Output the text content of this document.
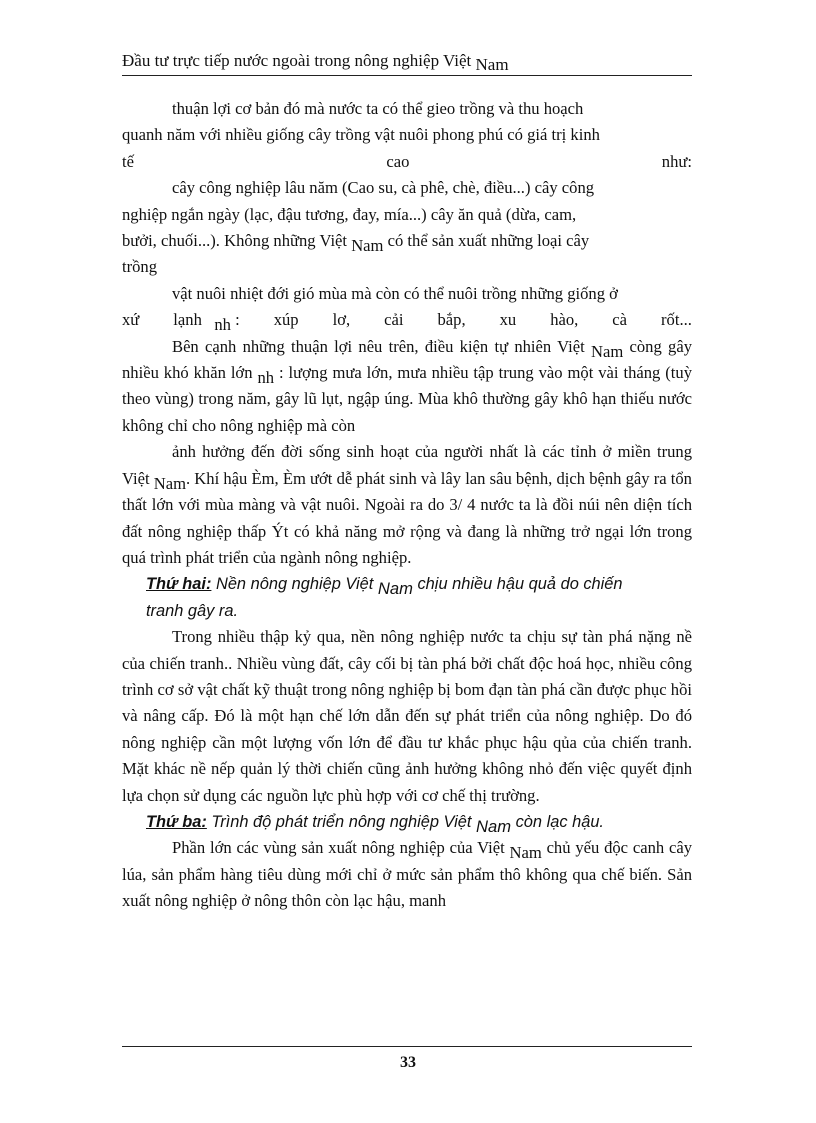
Đầu tư trực tiếp nước ngoài trong nông nghiệp Việt Nam

thuận lợi cơ bản đó mà nước ta có thể gieo trồng và thu hoạch

quanh năm với nhiều giống cây trồng vật nuôi phong phú có giá trị kinh

tế	cao	như:

cây công nghiệp lâu năm (Cao su, cà phê, chè, điều...) cây công

nghiệp ngắn ngày (lạc, đậu tương, đay, mía...) cây ăn quả (dừa, cam,

bưởi, chuối...). Không những Việt Nam có thể sản xuất những loại cây

trồng

vật nuôi nhiệt đới gió mùa mà còn có thể nuôi trồng những giống ở

xứ lạnh nh : xúp lơ, cải bắp, xu hào, cà rốt...

Bên cạnh những thuận lợi nêu trên, điều kiện tự nhiên Việt Nam còng gây nhiều khó khăn lớn nh : lượng mưa lớn, mưa nhiều tập trung vào một vài tháng (tuỳ theo vùng) trong năm, gây lũ lụt, ngập úng. Mùa khô thường gây khô hạn thiếu nước không chỉ cho nông nghiệp mà còn

ảnh hưởng đến đời sống sinh hoạt của người nhất là các tỉnh ở miền trung Việt Nam. Khí hậu Èm, Èm ướt dễ phát sinh và lây lan sâu bệnh, dịch bệnh gây ra tổn thất lớn với mùa màng và vật nuôi. Ngoài ra do 3/ 4 nước ta là đồi núi nên diện tích đất nông nghiệp thấp Ýt có khả năng mở rộng và đang là những trở ngại lớn trong quá trình phát triển của ngành nông nghiệp.

Thứ hai: Nền nông nghiệp Việt Nam chịu nhiều hậu quả do chiến

tranh gây ra.

Trong nhiều thập kỷ qua, nền nông nghiệp nước ta chịu sự tàn phá nặng nề của chiến tranh.. Nhiều vùng đất, cây cối bị tàn phá bởi chất độc hoá học, nhiều công trình cơ sở vật chất kỹ thuật trong nông nghiệp bị bom đạn tàn phá cần được phục hồi và nâng cấp. Đó là một hạn chế lớn dẫn đến sự phát triển của nông nghiệp. Do đó nông nghiệp cần một lượng vốn lớn để đầu tư khắc phục hậu qủa của chiến tranh. Mặt khác nề nếp quản lý thời chiến cũng ảnh hưởng không nhỏ đến việc quyết định lựa chọn sử dụng các nguồn lực phù hợp với cơ chế thị trường.

Thứ ba: Trình độ phát triển nông nghiệp Việt Nam còn lạc hậu.

Phần lớn các vùng sản xuất nông nghiệp của Việt Nam chủ yếu độc canh cây lúa, sản phẩm hàng tiêu dùng mới chỉ ở mức sản phẩm thô không qua chế biến. Sản xuất nông nghiệp ở nông thôn còn lạc hậu, manh

33
